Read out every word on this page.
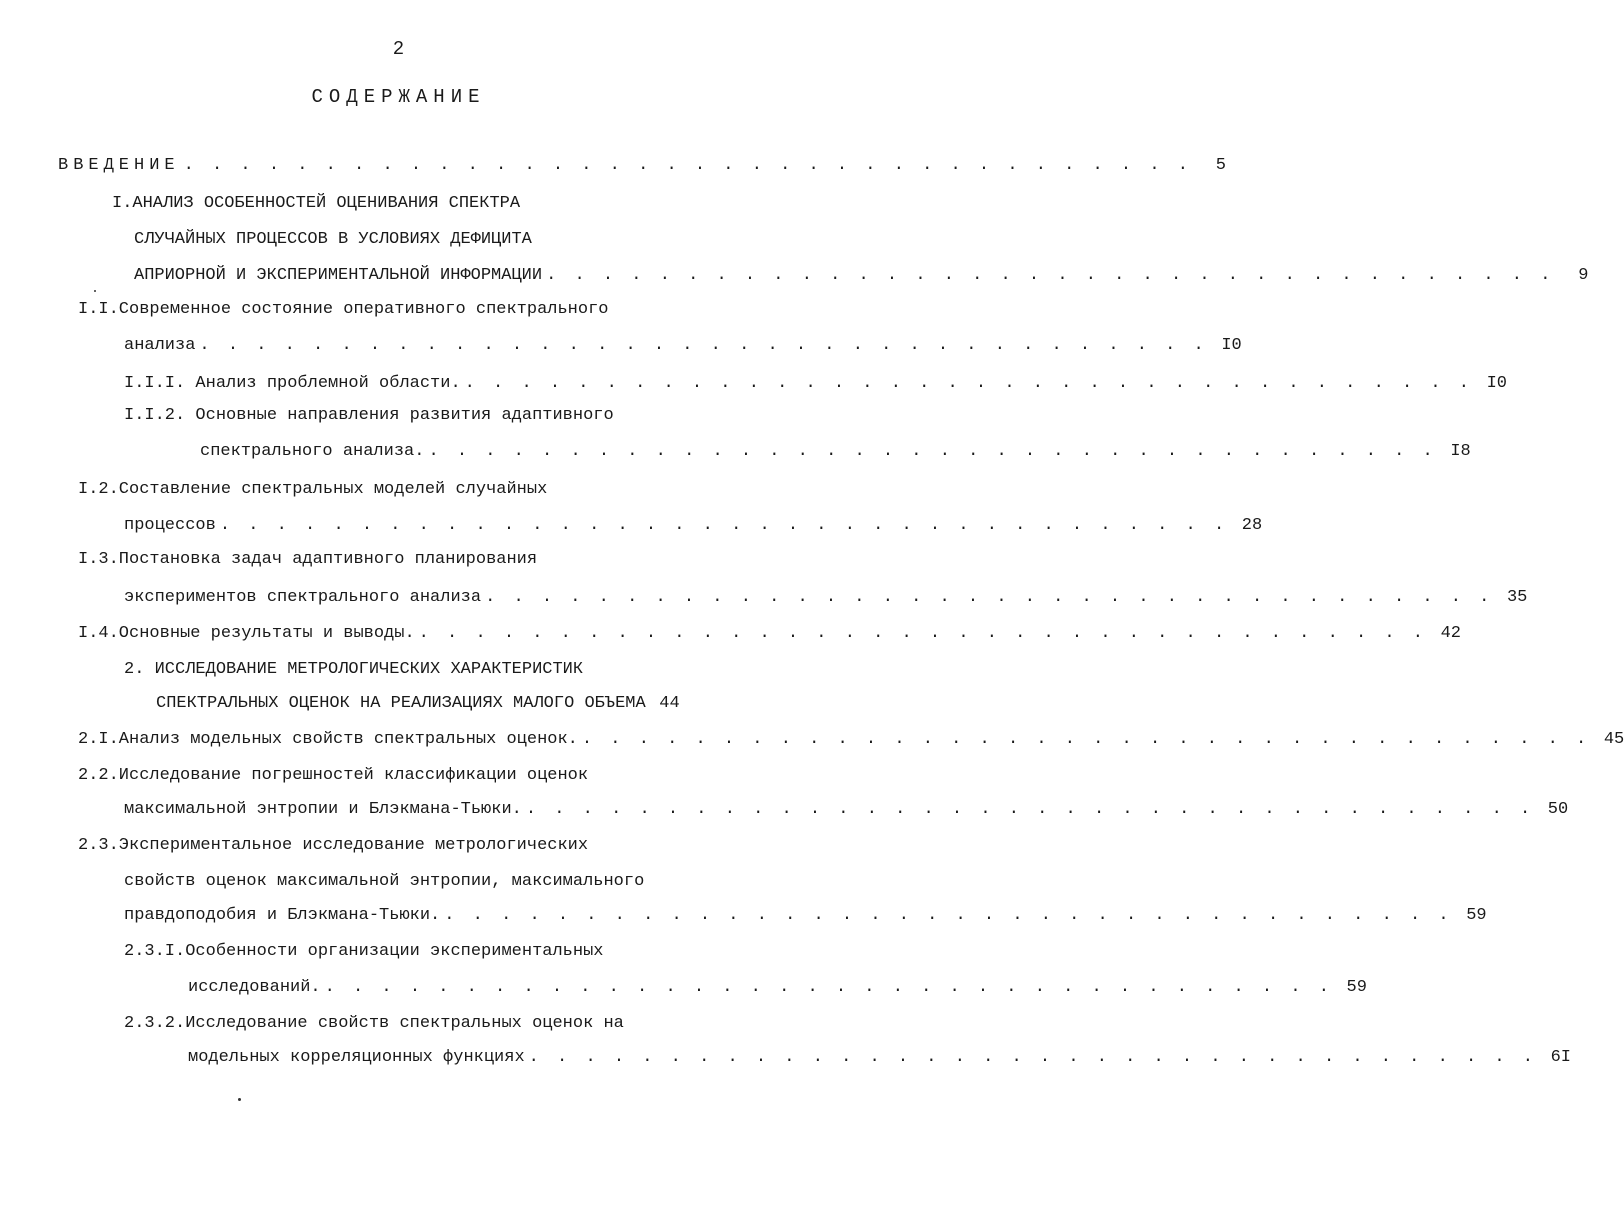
2
СОДЕРЖАНИЕ
ВВЕДЕНИЕ . . . . . . . . . . . . . . . . . . . . . . . . . . . . . . . . . . . .	5
I.АНАЛИЗ ОСОБЕННОСТЕЙ ОЦЕНИВАНИЯ СПЕКТРА
СЛУЧАЙНЫХ ПРОЦЕССОВ В УСЛОВИЯХ ДЕФИЦИТА
АПРИОРНОЙ И ЭКСПЕРИМЕНТАЛЬНОЙ ИНФОРМАЦИИ . . . . . . . . . . . . . . . . . . . . . . . . . . . . . . . . . . . .	9
I.I.Современное состояние оперативного спектрального
анализа . . . . . . . . . . . . . . . . . . . . . . . . . . . . . . . . . . . . I0
I.I.I. Анализ проблемной области. . . . . . . . . . . . . . . . . . . . . . . . . . . . . . . . . . . . . I0
I.I.2. Основные направления развития адаптивного
спектрального анализа. . . . . . . . . . . . . . . . . . . . . . . . . . . . . . . . . . . . . I8
I.2.Составление спектральных моделей случайных
процессов . . . . . . . . . . . . . . . . . . . . . . . . . . . . . . . . . . . . 28
I.3.Постановка задач адаптивного планирования
экспериментов спектрального анализа . . . . . . . . . . . . . . . . . . . . . . . . . . . . . . . . . . . . 35
I.4.Основные результаты и выводы. . . . . . . . . . . . . . . . . . . . . . . . . . . . . . . . . . . . . 42
2. ИССЛЕДОВАНИЕ МЕТРОЛОГИЧЕСКИХ ХАРАКТЕРИСТИК
СПЕКТРАЛЬНЫХ ОЦЕНОК НА РЕАЛИЗАЦИЯХ МАЛОГО ОБЪЕМА 44
2.I.Анализ модельных свойств спектральных оценок. . . . . . . . . . . . . . . . . . . . . . . . . . . . . . . . . . . . . 45
2.2.Исследование погрешностей классификации оценок
максимальной энтропии и Блэкмана-Тьюки. . . . . . . . . . . . . . . . . . . . . . . . . . . . . . . . . . . . . 50
2.3.Экспериментальное исследование метрологических
свойств оценок максимальной энтропии, максимального
правдоподобия и Блэкмана-Тьюки. . . . . . . . . . . . . . . . . . . . . . . . . . . . . . . . . . . . . 59
2.3.I.Особенности организации экспериментальных
исследований. . . . . . . . . . . . . . . . . . . . . . . . . . . . . . . . . . . . . 59
2.3.2.Исследование свойств спектральных оценок на
модельных корреляционных функциях . . . . . . . . . . . . . . . . . . . . . . . . . . . . . . . . . . . . 6I
